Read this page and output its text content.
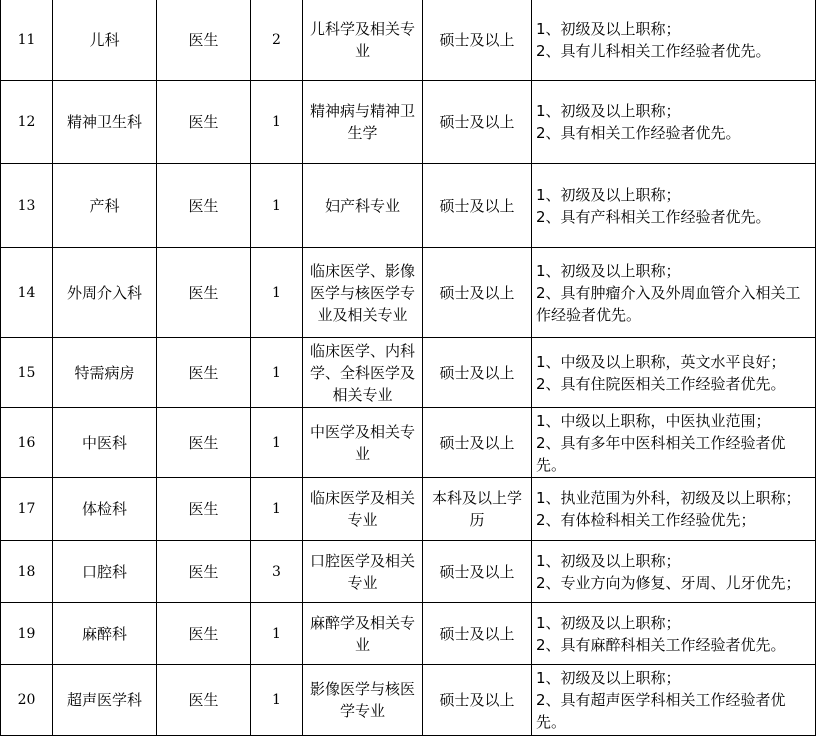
11	儿科	医生	2	儿科学及相关专业	硕士及以上	1、初级及以上职称；
2、具有儿科相关工作经验者优先。

12	精神卫生科	医生	1	精神病与精神卫生学	硕士及以上	1、初级及以上职称；
2、具有相关工作经验者优先。

13	产科	医生	1	妇产科专业	硕士及以上	1、初级及以上职称；
2、具有产科相关工作经验者优先。

14	外周介入科	医生	1	临床医学、影像医学与核医学专业及相关专业	硕士及以上	1、初级及以上职称；
2、具有肿瘤介入及外周血管介入相关工作经验者优先。

15	特需病房	医生	1	临床医学、内科学、全科医学及相关专业	硕士及以上	1、中级及以上职称，英文水平良好；
2、具有住院医相关工作经验者优先。

16	中医科	医生	1	中医学及相关专业	硕士及以上	1、中级以上职称，中医执业范围；
2、具有多年中医科相关工作经验者优先。

17	体检科	医生	1	临床医学及相关专业	本科及以上学历	1、执业范围为外科，初级及以上职称；
2、有体检科相关工作经验优先；

18	口腔科	医生	3	口腔医学及相关专业	硕士及以上	1、初级及以上职称；
2、专业方向为修复、牙周、儿牙优先；

19	麻醉科	医生	1	麻醉学及相关专业	硕士及以上	1、初级及以上职称；
2、具有麻醉科相关工作经验者优先。

20	超声医学科	医生	1	影像医学与核医学专业	硕士及以上	1、初级及以上职称；
2、具有超声医学科相关工作经验者优先。
